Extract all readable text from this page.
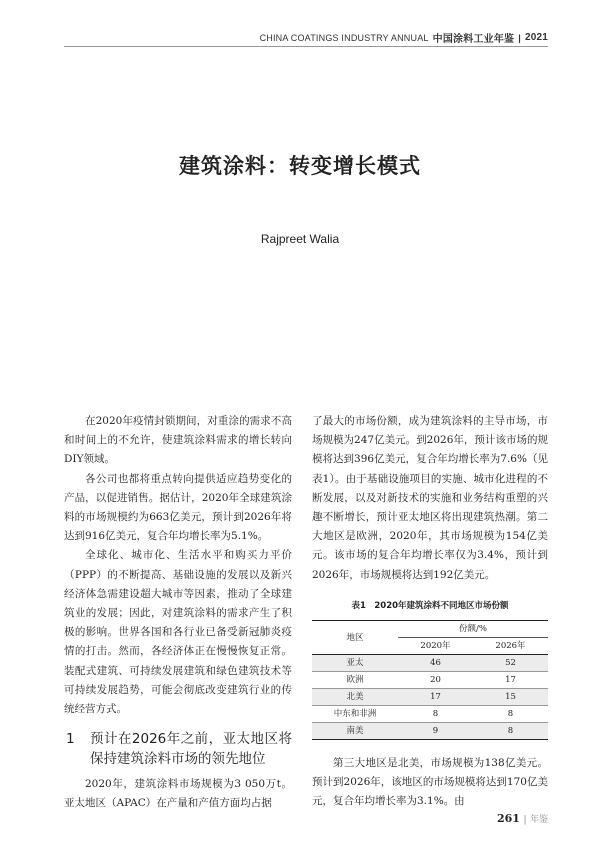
CHINA COATINGS INDUSTRY ANNUAL 中国涂料工业年鉴 | 2021
建筑涂料：转变增长模式
Rajpreet Walia

在2020年疫情封锁期间，对重涂的需求不高和时间上的不允许，使建筑涂料需求的增长转向DIY领域。

各公司也都将重点转向提供适应趋势变化的产品，以促进销售。据估计，2020年全球建筑涂料的市场规模约为663亿美元，预计到2026年将达到916亿美元，复合年均增长率为5.1%。

全球化、城市化、生活水平和购买力平价（PPP）的不断提高、基础设施的发展以及新兴经济体急需建设超大城市等因素，推动了全球建筑业的发展；因此，对建筑涂料的需求产生了积极的影响。世界各国和各行业已备受新冠肺炎疫情的打击。然而，各经济体正在慢慢恢复正常。装配式建筑、可持续发展建筑和绿色建筑技术等可持续发展趋势，可能会彻底改变建筑行业的传统经营方式。

1	预计在2026年之前，亚太地区将保持建筑涂料市场的领先地位

2020年，建筑涂料市场规模为3 050万t。亚太地区（APAC）在产量和产值方面均占据

了最大的市场份额，成为建筑涂料的主导市场，市场规模为247亿美元。到2026年，预计该市场的规模将达到396亿美元，复合年均增长率为7.6%（见表1）。由于基础设施项目的实施、城市化进程的不断发展，以及对新技术的实施和业务结构重塑的兴趣不断增长，预计亚太地区将出现建筑热潮。第二大地区是欧洲，2020年，其市场规模为154亿美元。该市场的复合年均增长率仅为3.4%，预计到2026年，市场规模将达到192亿美元。

表1　2020年建筑涂料不同地区市场份额
地区	份额/%	
	2020年	2026年
亚太	46	52
欧洲	20	17
北美	17	15
中东和非洲	8	8
南美	9	8

第三大地区是北美，市场规模为138亿美元。预计到2026年，该地区的市场规模将达到170亿美元，复合年均增长率为3.1%。由

261 | 年鉴
